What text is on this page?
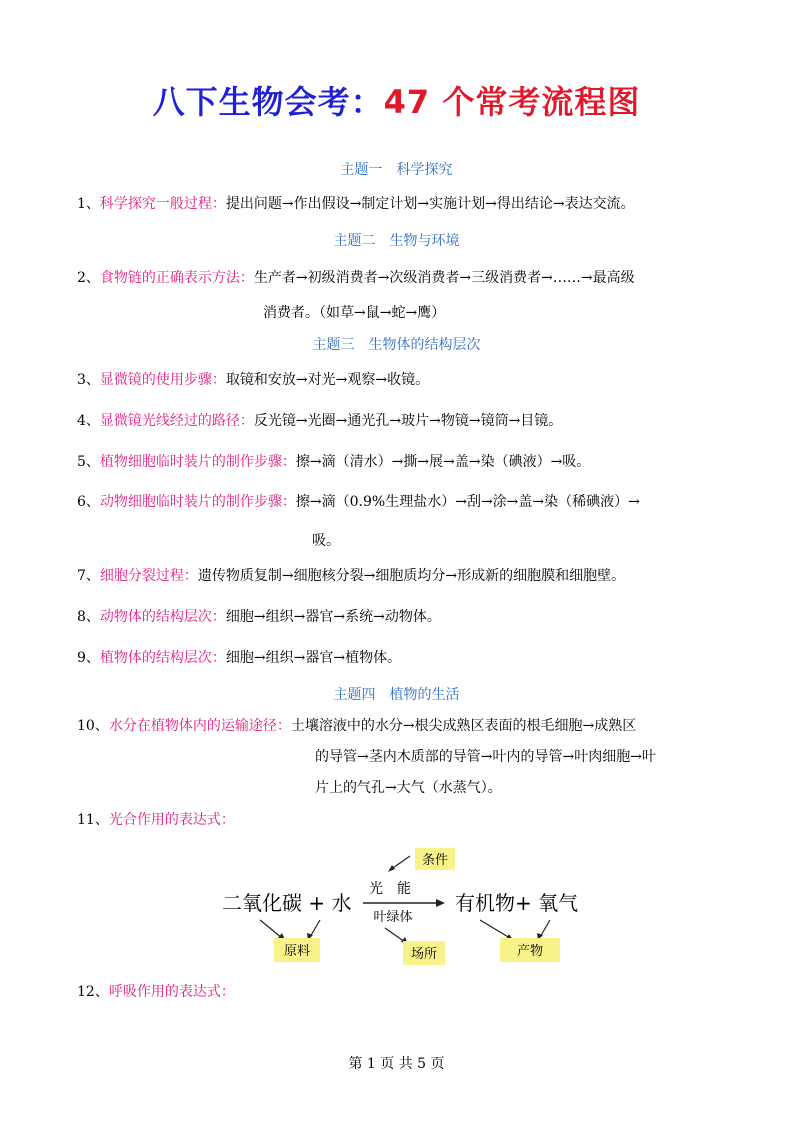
八下生物会考：47 个常考流程图
主题一 科学探究
1、科学探究一般过程：提出问题→作出假设→制定计划→实施计划→得出结论→表达交流。
主题二 生物与环境
2、食物链的正确表示方法：生产者→初级消费者→次级消费者→三级消费者→……→最高级
消费者。（如草→鼠→蛇→鹰）
主题三 生物体的结构层次
3、显微镜的使用步骤：取镜和安放→对光→观察→收镜。
4、显微镜光线经过的路径：反光镜→光圈→通光孔→玻片→物镜→镜筒→目镜。
5、植物细胞临时装片的制作步骤：擦→滴（清水）→撕→展→盖→染（碘液）→吸。
6、动物细胞临时装片的制作步骤：擦→滴（0.9%生理盐水）→刮→涂→盖→染（稀碘液）→
吸。
7、细胞分裂过程：遗传物质复制→细胞核分裂→细胞质均分→形成新的细胞膜和细胞壁。
8、动物体的结构层次：细胞→组织→器官→系统→动物体。
9、植物体的结构层次：细胞→组织→器官→植物体。
主题四 植物的生活
10、水分在植物体内的运输途径：土壤溶液中的水分→根尖成熟区表面的根毛细胞→成熟区
的导管→茎内木质部的导管→叶内的导管→叶肉细胞→叶
片上的气孔→大气（水蒸气）。
11、光合作用的表达式：
条件
二氧化碳 + 水
光　能
叶绿体
有机物+ 氧气
原料	场所	产物
12、呼吸作用的表达式：
第 1 页 共 5 页
